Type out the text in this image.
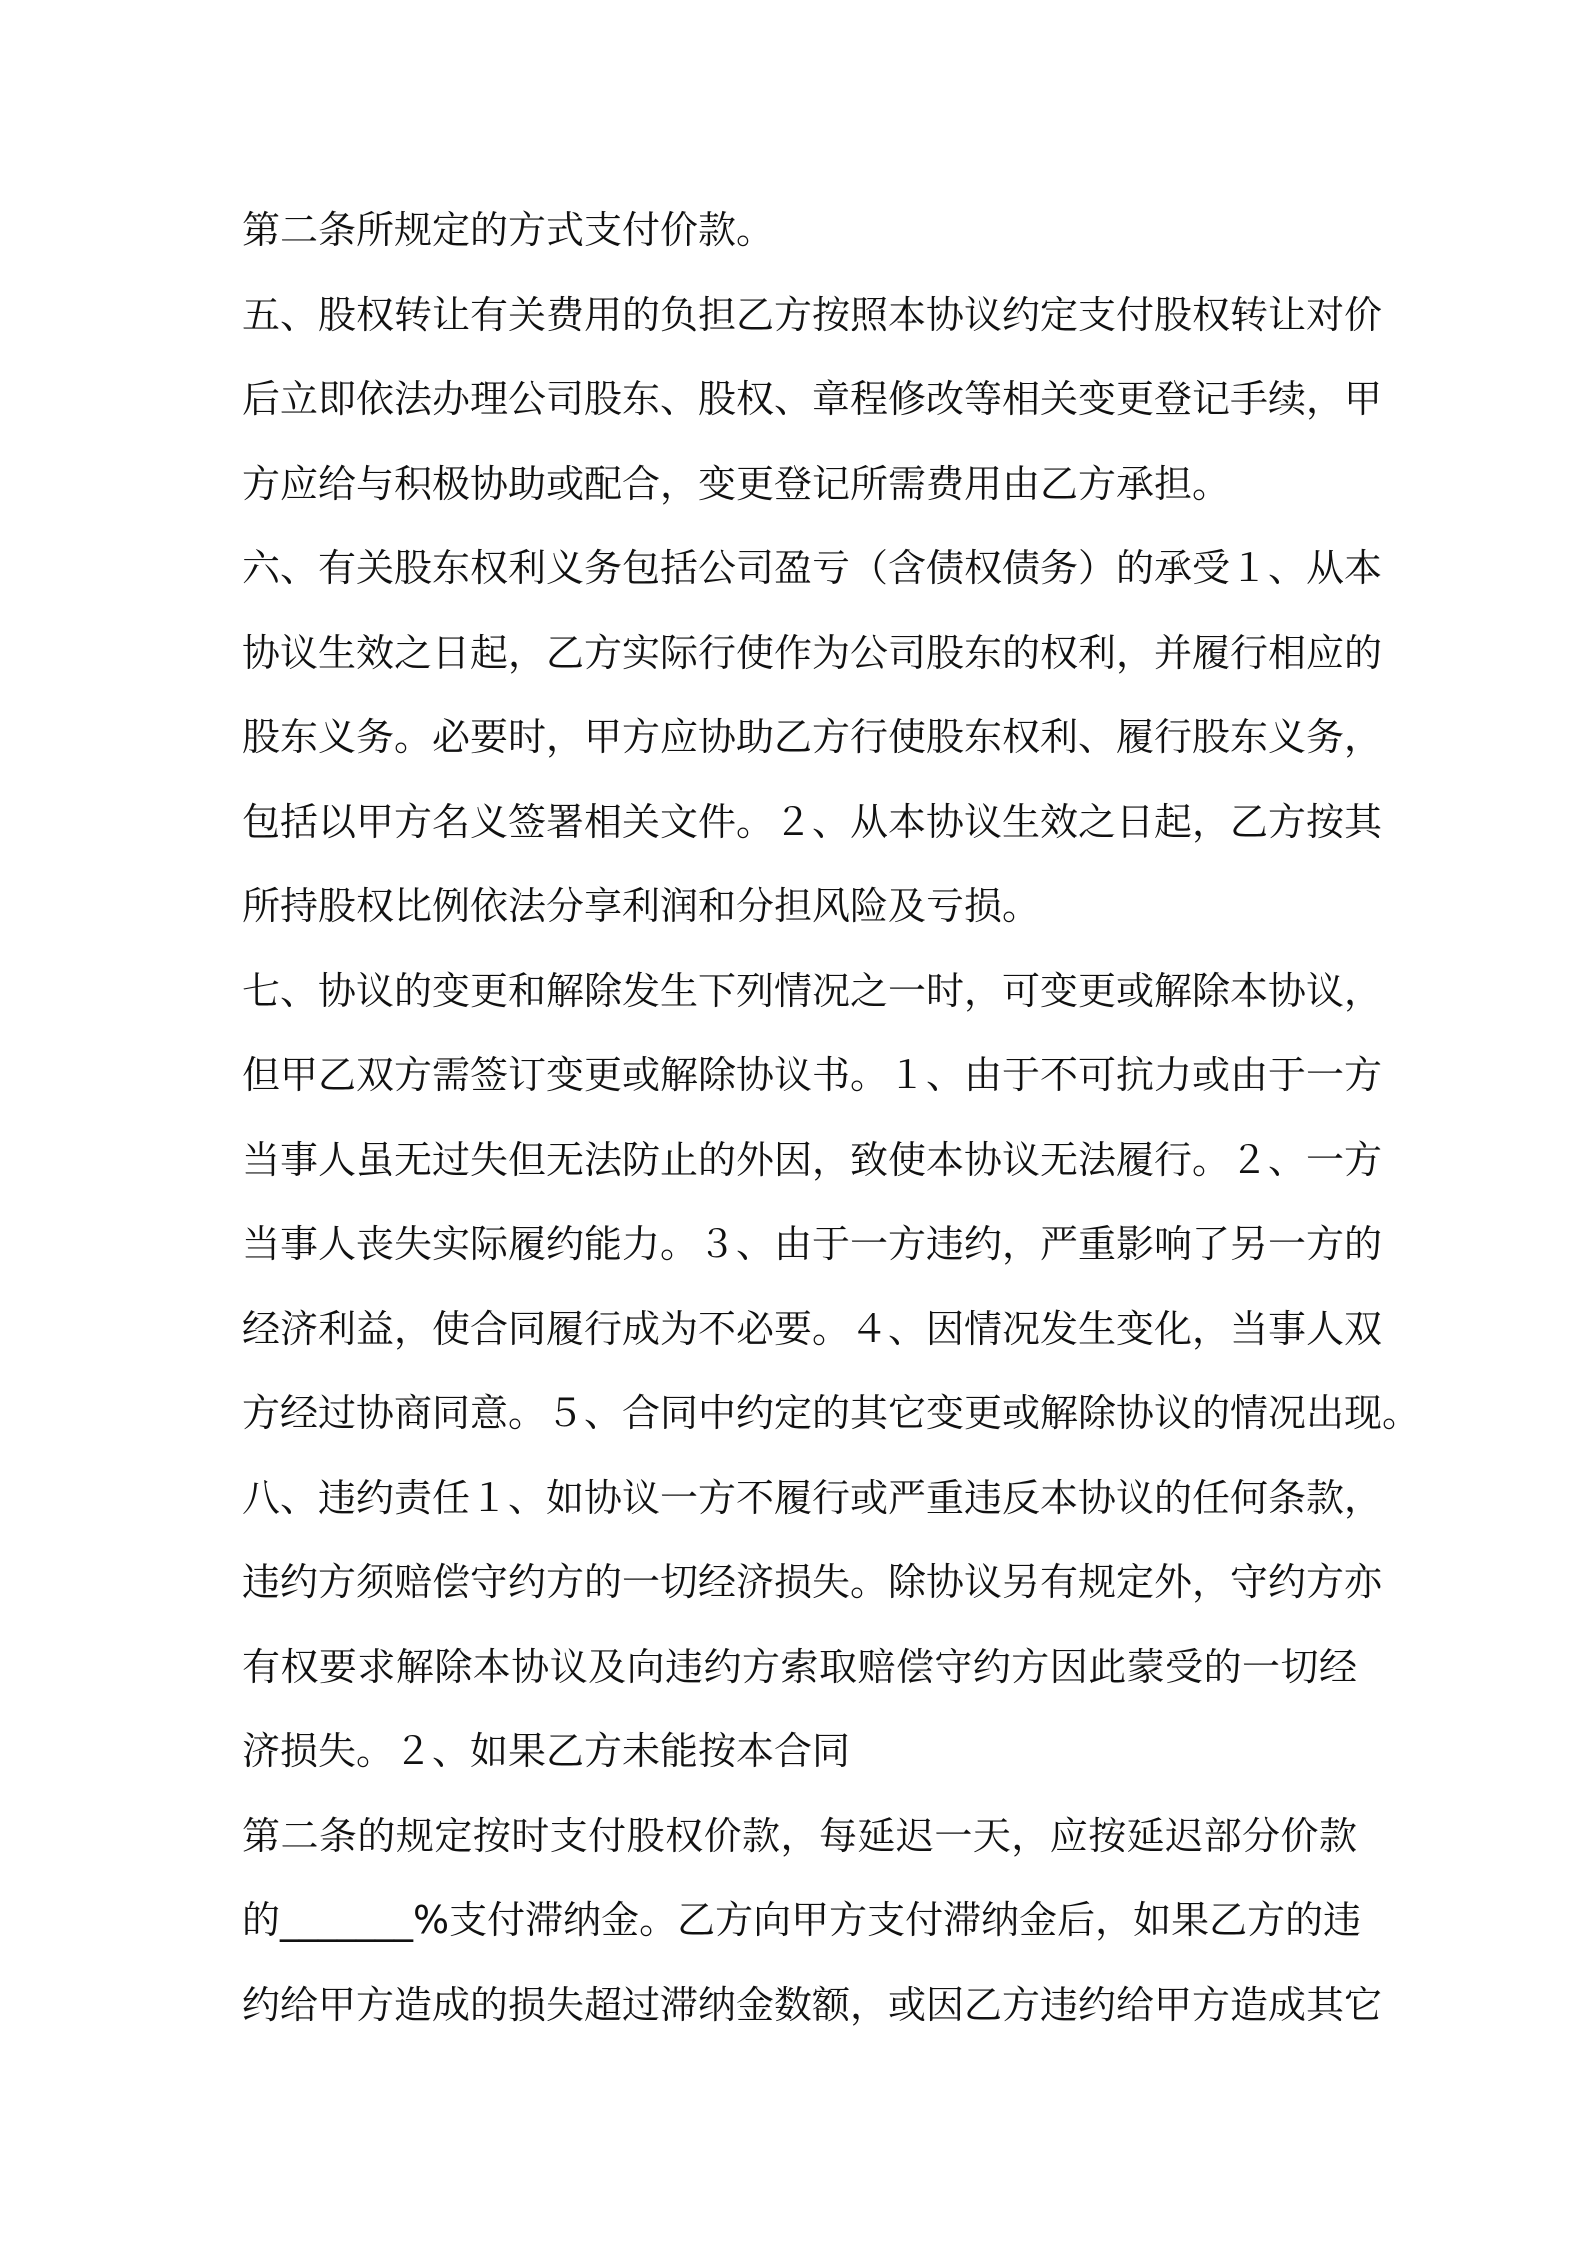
第二条所规定的方式支付价款。
五、股权转让有关费用的负担乙方按照本协议约定支付股权转让对价
后立即依法办理公司股东、股权、章程修改等相关变更登记手续，甲
方应给与积极协助或配合，变更登记所需费用由乙方承担。
六、有关股东权利义务包括公司盈亏（含债权债务）的承受１、从本
协议生效之日起，乙方实际行使作为公司股东的权利，并履行相应的
股东义务。必要时，甲方应协助乙方行使股东权利、履行股东义务，
包括以甲方名义签署相关文件。２、从本协议生效之日起，乙方按其
所持股权比例依法分享利润和分担风险及亏损。
七、协议的变更和解除发生下列情况之一时，可变更或解除本协议，
但甲乙双方需签订变更或解除协议书。１、由于不可抗力或由于一方
当事人虽无过失但无法防止的外因，致使本协议无法履行。２、一方
当事人丧失实际履约能力。３、由于一方违约，严重影响了另一方的
经济利益，使合同履行成为不必要。４、因情况发生变化，当事人双
方经过协商同意。５、合同中约定的其它变更或解除协议的情况出现。
八、违约责任１、如协议一方不履行或严重违反本协议的任何条款，
违约方须赔偿守约方的一切经济损失。除协议另有规定外，守约方亦
有权要求解除本协议及向违约方索取赔偿守约方因此蒙受的一切经
济损失。２、如果乙方未能按本合同
第二条的规定按时支付股权价款，每延迟一天，应按延迟部分价款
的_______%支付滞纳金。乙方向甲方支付滞纳金后，如果乙方的违
约给甲方造成的损失超过滞纳金数额，或因乙方违约给甲方造成其它
